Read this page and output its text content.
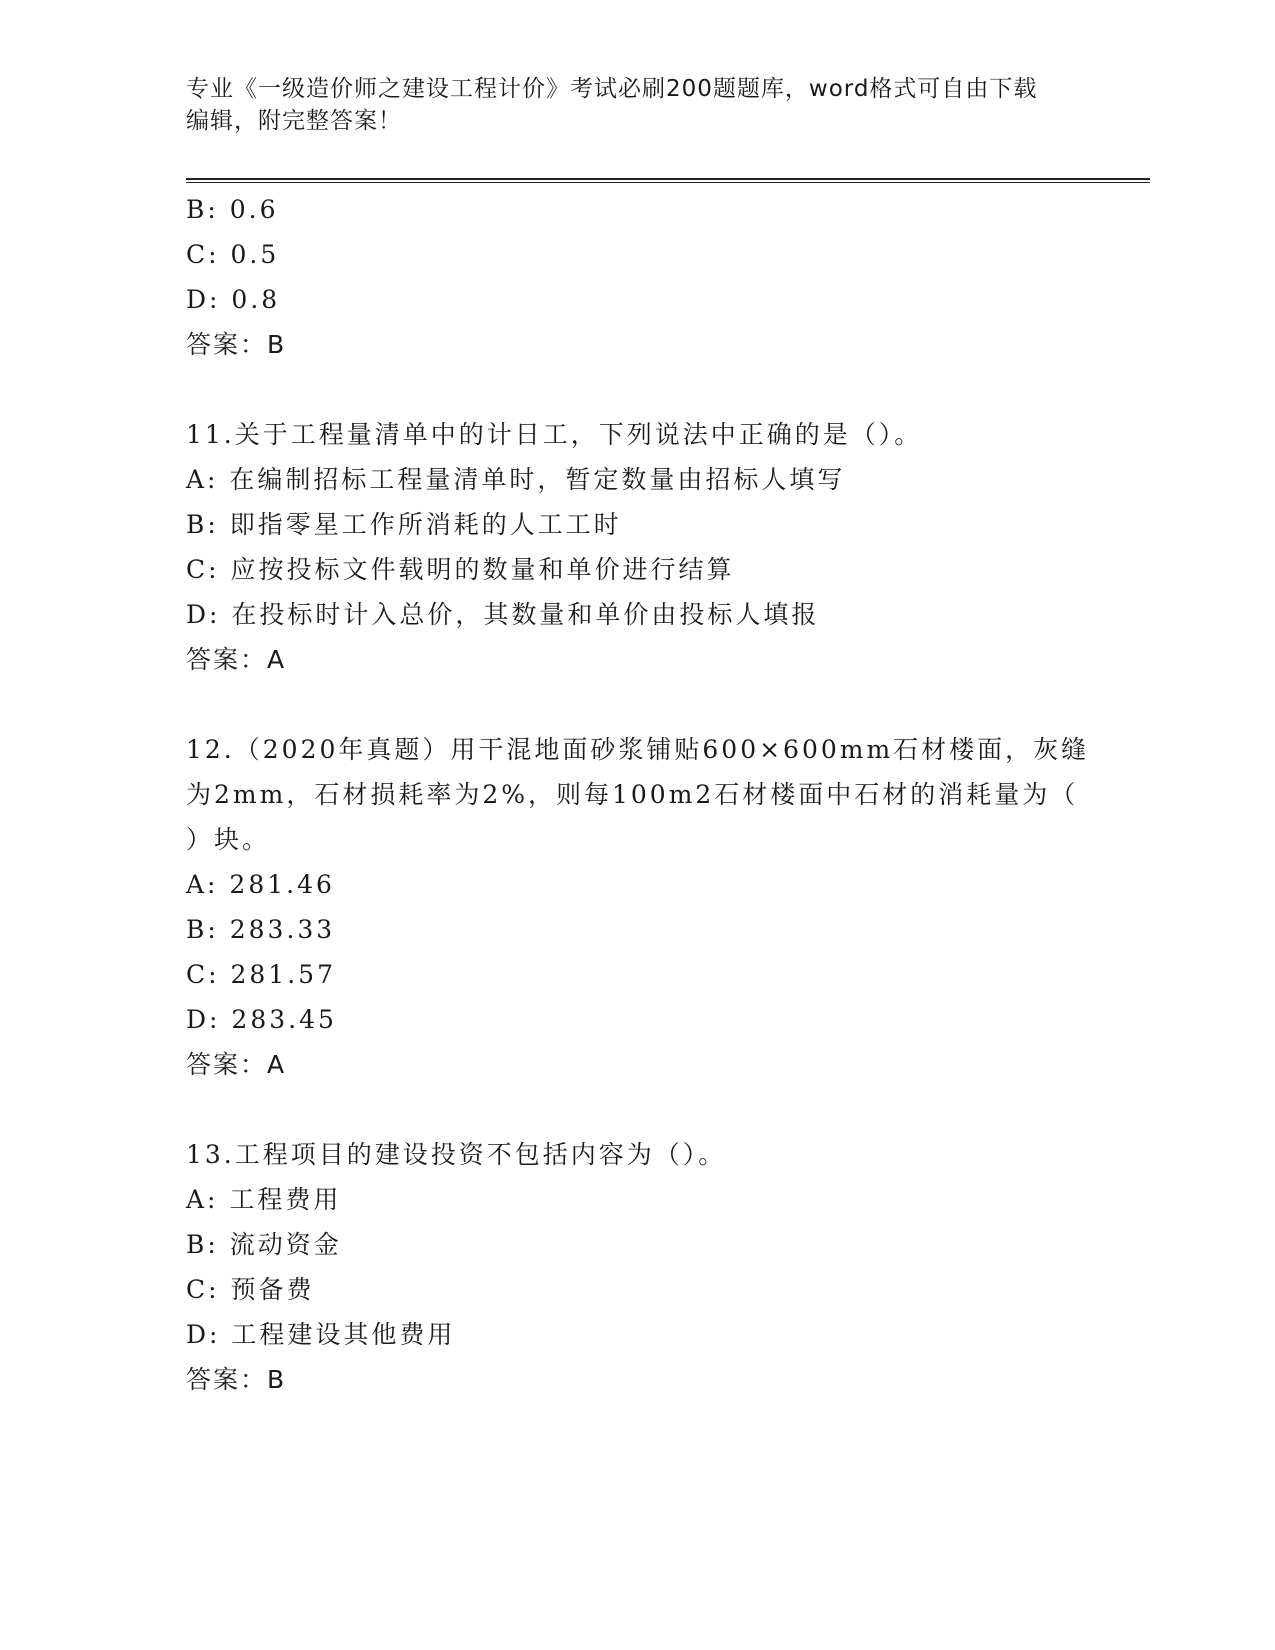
专业《一级造价师之建设工程计价》考试必刷200题题库，word格式可自由下载
编辑，附完整答案！
B: 0.6
C: 0.5
D: 0.8
答案：B
11.关于工程量清单中的计日工，下列说法中正确的是（）。
A: 在编制招标工程量清单时，暂定数量由招标人填写
B: 即指零星工作所消耗的人工工时
C: 应按投标文件载明的数量和单价进行结算
D: 在投标时计入总价，其数量和单价由投标人填报
答案：A
12.（2020年真题）用干混地面砂浆铺贴600×600mm石材楼面，灰缝
为2mm，石材损耗率为2%，则每100m2石材楼面中石材的消耗量为（
）块。
A: 281.46
B: 283.33
C: 281.57
D: 283.45
答案：A
13.工程项目的建设投资不包括内容为（）。
A: 工程费用
B: 流动资金
C: 预备费
D: 工程建设其他费用
答案：B
